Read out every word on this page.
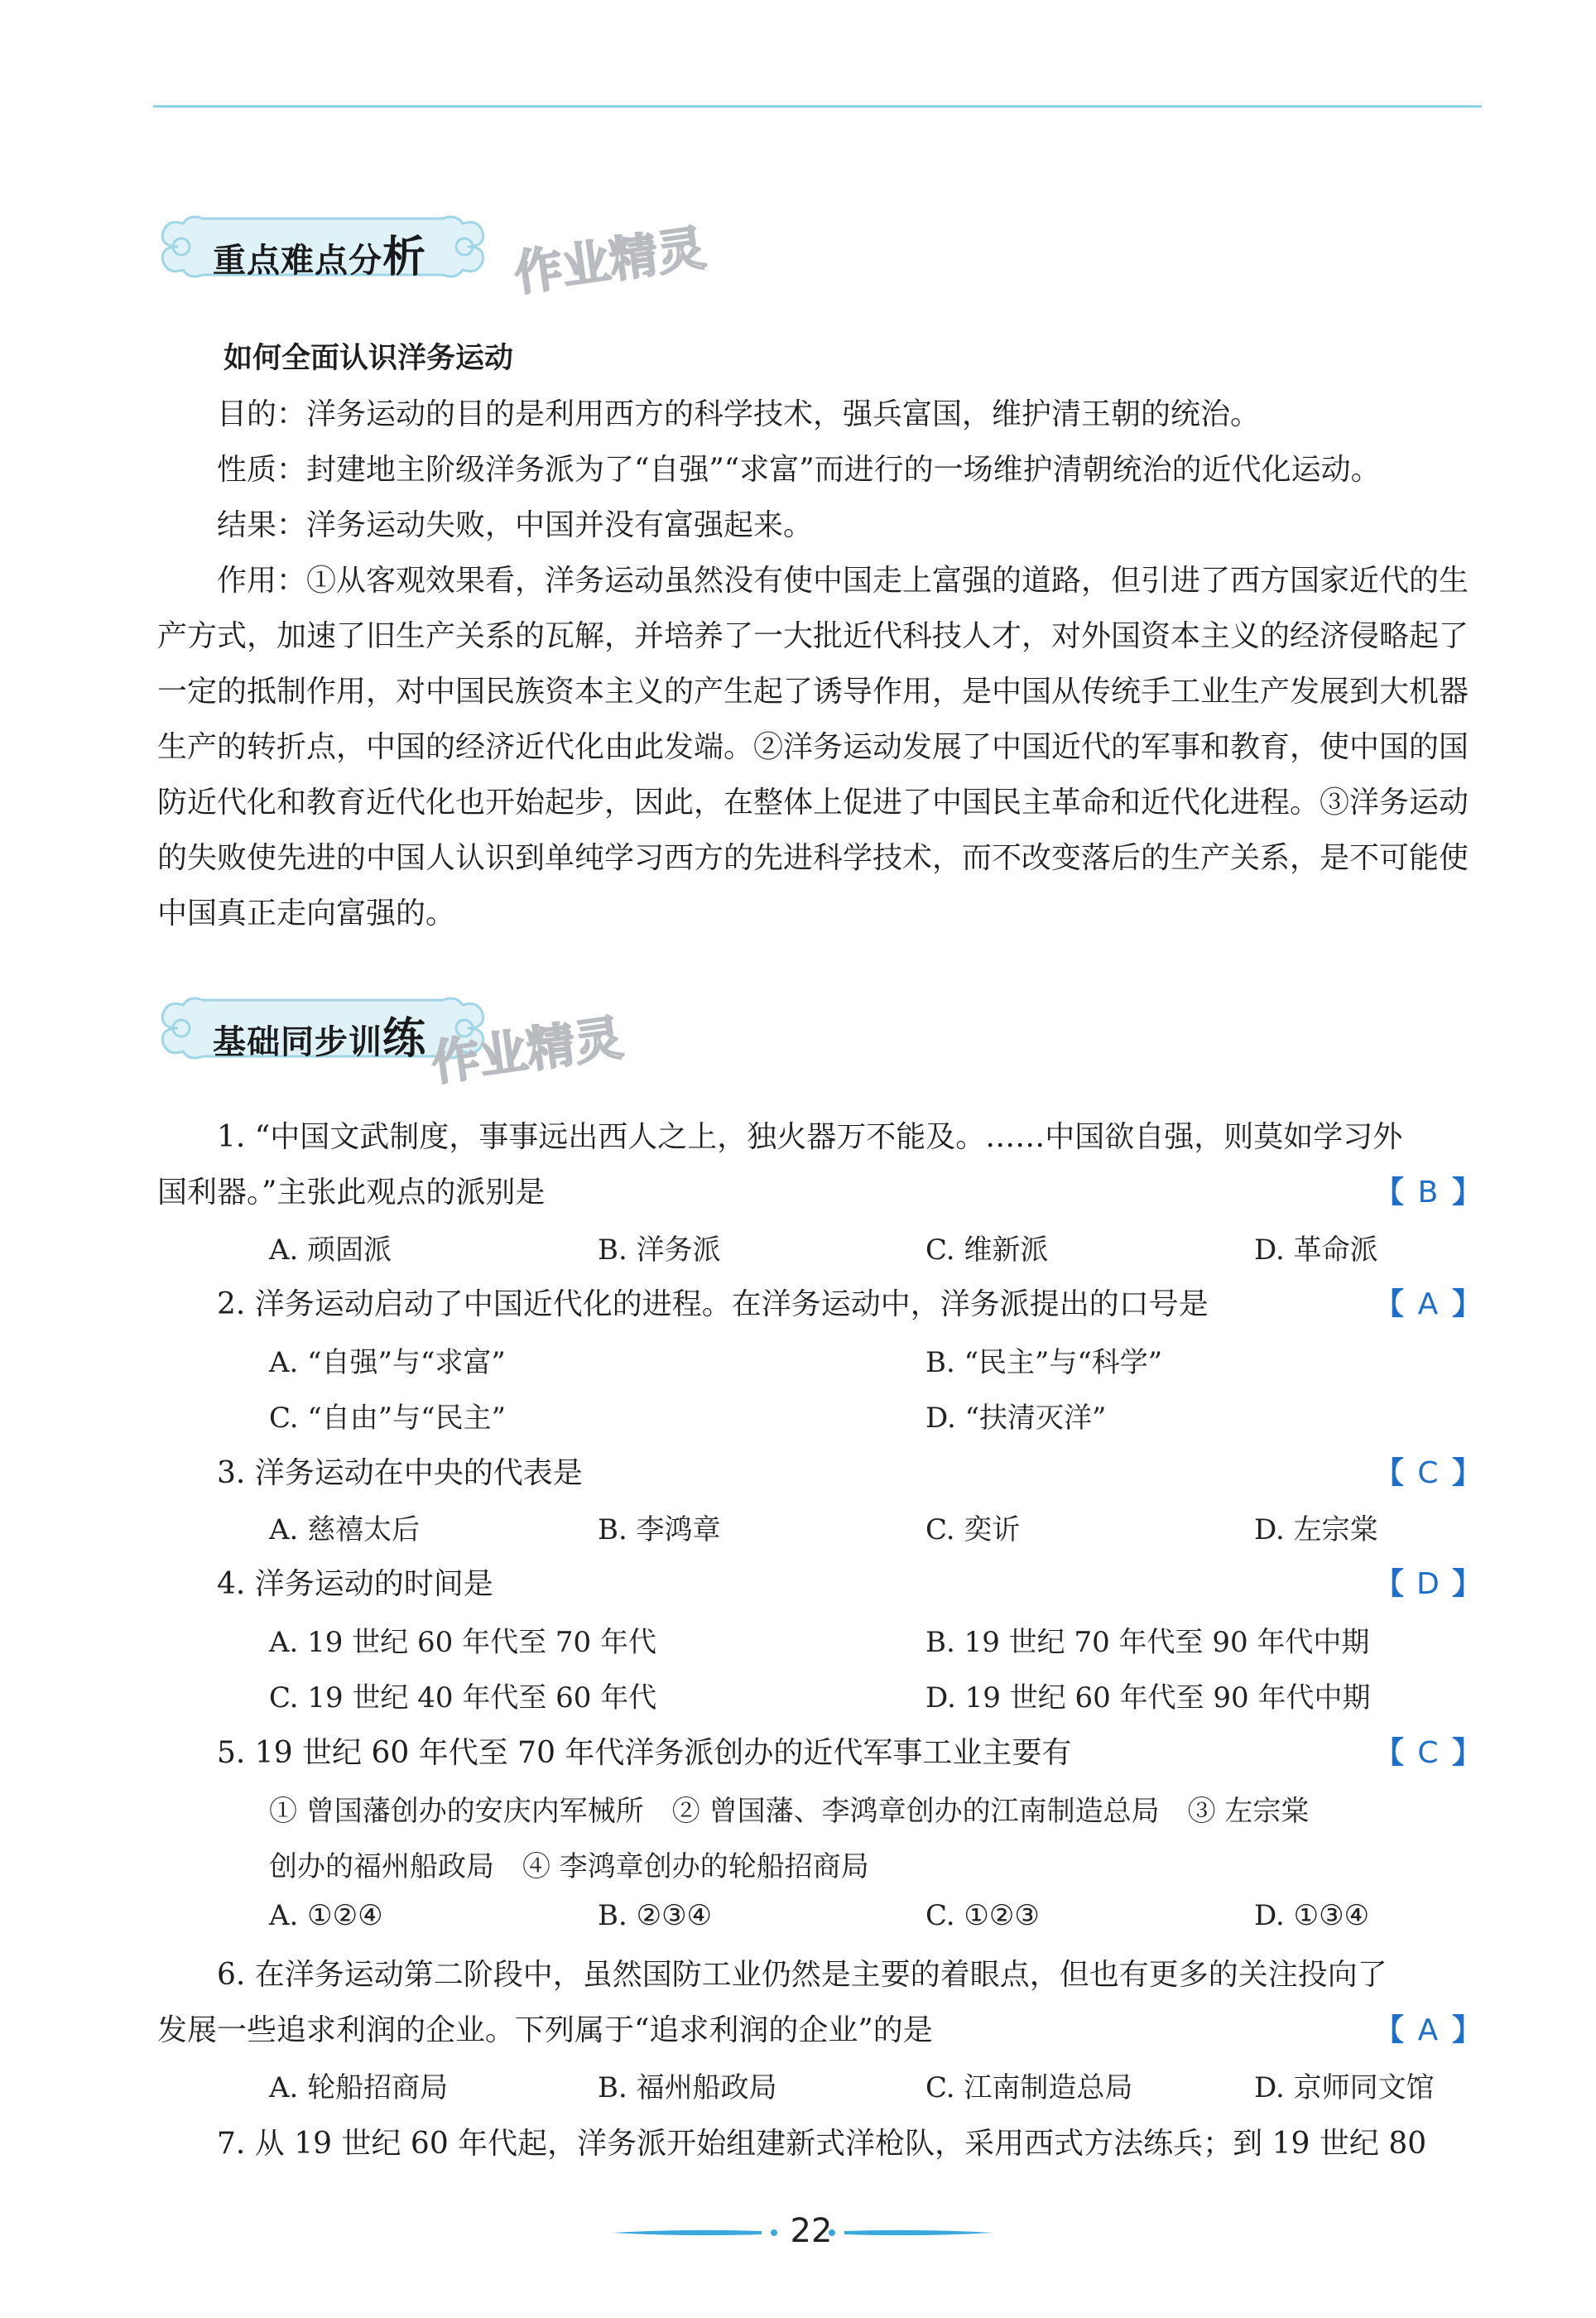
重点难点分析 作业精灵

如何全面认识洋务运动

目的：洋务运动的目的是利用西方的科学技术，强兵富国，维护清王朝的统治。

性质：封建地主阶级洋务派为了“自强”“求富”而进行的一场维护清朝统治的近代化运动。

结果：洋务运动失败，中国并没有富强起来。

作用：①从客观效果看，洋务运动虽然没有使中国走上富强的道路，但引进了西方国家近代的生产方式，加速了旧生产关系的瓦解，并培养了一大批近代科技人才，对外国资本主义的经济侵略起了一定的抵制作用，对中国民族资本主义的产生起了诱导作用，是中国从传统手工业生产发展到大机器生产的转折点，中国的经济近代化由此发端。②洋务运动发展了中国近代的军事和教育，使中国的国防近代化和教育近代化也开始起步，因此，在整体上促进了中国民主革命和近代化进程。③洋务运动的失败使先进的中国人认识到单纯学习西方的先进科学技术，而不改变落后的生产关系，是不可能使中国真正走向富强的。

基础同步训练 作业精灵
1. “中国文武制度，事事远出西人之上，独火器万不能及。……中国欲自强，则莫如学习外
国利器。”主张此观点的派别是	【 B 】
A. 顽固派	B. 洋务派	C. 维新派	D. 革命派
2. 洋务运动启动了中国近代化的进程。在洋务运动中，洋务派提出的口号是	【 A 】
A. “自强”与“求富”	B. “民主”与“科学”
C. “自由”与“民主”	D. “扶清灭洋”
3. 洋务运动在中央的代表是	【 C 】
A. 慈禧太后	B. 李鸿章	C. 奕䜣	D. 左宗棠
4. 洋务运动的时间是	【 D 】
A. 19 世纪 60 年代至 70 年代	B. 19 世纪 70 年代至 90 年代中期
C. 19 世纪 40 年代至 60 年代	D. 19 世纪 60 年代至 90 年代中期
5. 19 世纪 60 年代至 70 年代洋务派创办的近代军事工业主要有	【 C 】
① 曾国藩创办的安庆内军械所　② 曾国藩、李鸿章创办的江南制造总局　③ 左宗棠
创办的福州船政局　④ 李鸿章创办的轮船招商局
A. ①②④	B. ②③④	C. ①②③	D. ①③④
6. 在洋务运动第二阶段中，虽然国防工业仍然是主要的着眼点，但也有更多的关注投向了
发展一些追求利润的企业。下列属于“追求利润的企业”的是	【 A 】
A. 轮船招商局	B. 福州船政局	C. 江南制造总局	D. 京师同文馆
7. 从 19 世纪 60 年代起，洋务派开始组建新式洋枪队，采用西式方法练兵；到 19 世纪 80
22
